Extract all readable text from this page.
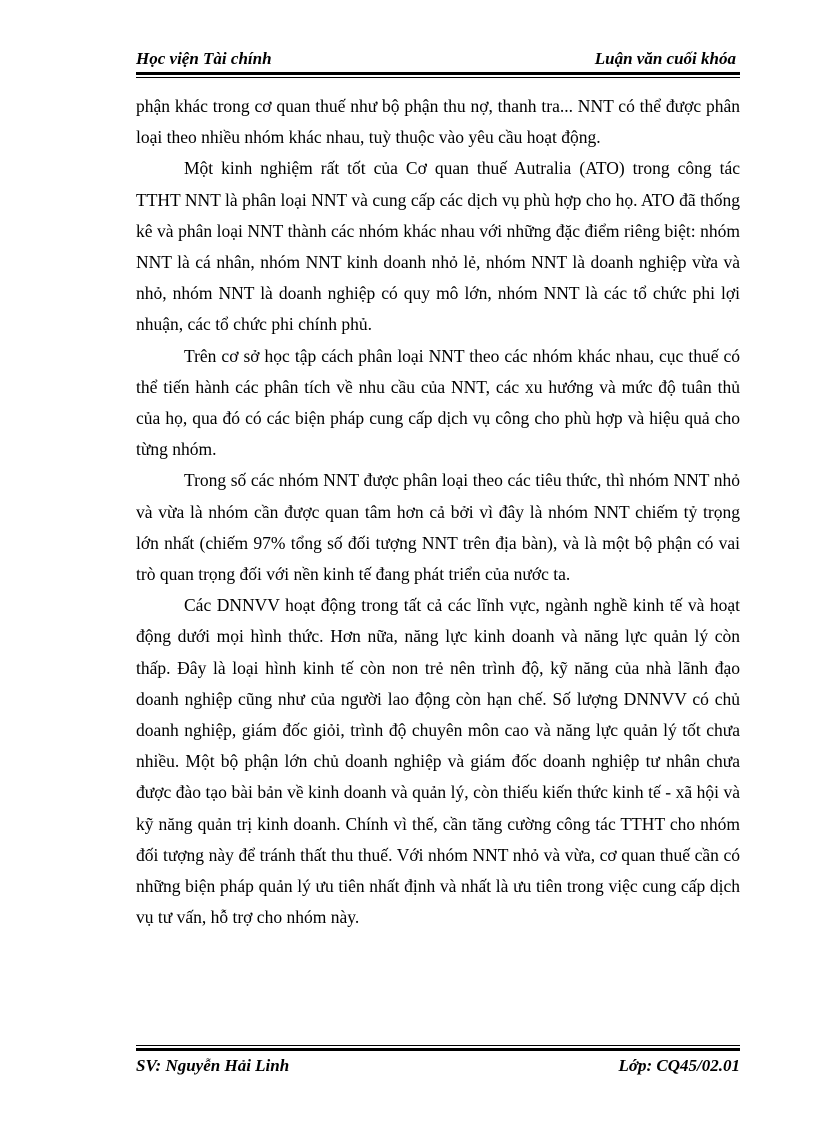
Học viện Tài chính	Luận văn cuối khóa

phận khác trong cơ quan thuế như bộ phận thu nợ, thanh tra... NNT có thể được phân loại theo nhiều nhóm khác nhau, tuỳ thuộc vào yêu cầu hoạt động.

Một kinh nghiệm rất tốt của Cơ quan thuế Autralia (ATO) trong công tác TTHT NNT là phân loại NNT và cung cấp các dịch vụ phù hợp cho họ. ATO đã thống kê và phân loại NNT thành các nhóm khác nhau với những đặc điểm riêng biệt: nhóm NNT là cá nhân, nhóm NNT kinh doanh nhỏ lẻ, nhóm NNT là doanh nghiệp vừa và nhỏ, nhóm NNT là doanh nghiệp có quy mô lớn, nhóm NNT là các tổ chức phi lợi nhuận, các tổ chức phi chính phủ.

Trên cơ sở học tập cách phân loại NNT theo các nhóm khác nhau, cục thuế có thể tiến hành các phân tích về nhu cầu của NNT, các xu hướng và mức độ tuân thủ của họ, qua đó có các biện pháp cung cấp dịch vụ công cho phù hợp và hiệu quả cho từng nhóm.

Trong số các nhóm NNT được phân loại theo các tiêu thức, thì nhóm NNT nhỏ và vừa là nhóm cần được quan tâm hơn cả bởi vì đây là nhóm NNT chiếm tỷ trọng lớn nhất (chiếm 97% tổng số đối tượng NNT trên địa bàn), và là một bộ phận có vai trò quan trọng đối với nền kinh tế đang phát triển của nước ta.

Các DNNVV hoạt động trong tất cả các lĩnh vực, ngành nghề kinh tế và hoạt động dưới mọi hình thức. Hơn nữa, năng lực kinh doanh và năng lực quản lý còn thấp. Đây là loại hình kinh tế còn non trẻ nên trình độ, kỹ năng của nhà lãnh đạo doanh nghiệp cũng như của người lao động còn hạn chế. Số lượng DNNVV có chủ doanh nghiệp, giám đốc giỏi, trình độ chuyên môn cao và năng lực quản lý tốt chưa nhiều. Một bộ phận lớn chủ doanh nghiệp và giám đốc doanh nghiệp tư nhân chưa được đào tạo bài bản về kinh doanh và quản lý, còn thiếu kiến thức kinh tế - xã hội và kỹ năng quản trị kinh doanh. Chính vì thế, cần tăng cường công tác TTHT cho nhóm đối tượng này để tránh thất thu thuế. Với nhóm NNT nhỏ và vừa, cơ quan thuế cần có những biện pháp quản lý ưu tiên nhất định và nhất là ưu tiên trong việc cung cấp dịch vụ tư vấn, hỗ trợ cho nhóm này.

SV: Nguyễn Hải Linh	Lớp: CQ45/02.01
